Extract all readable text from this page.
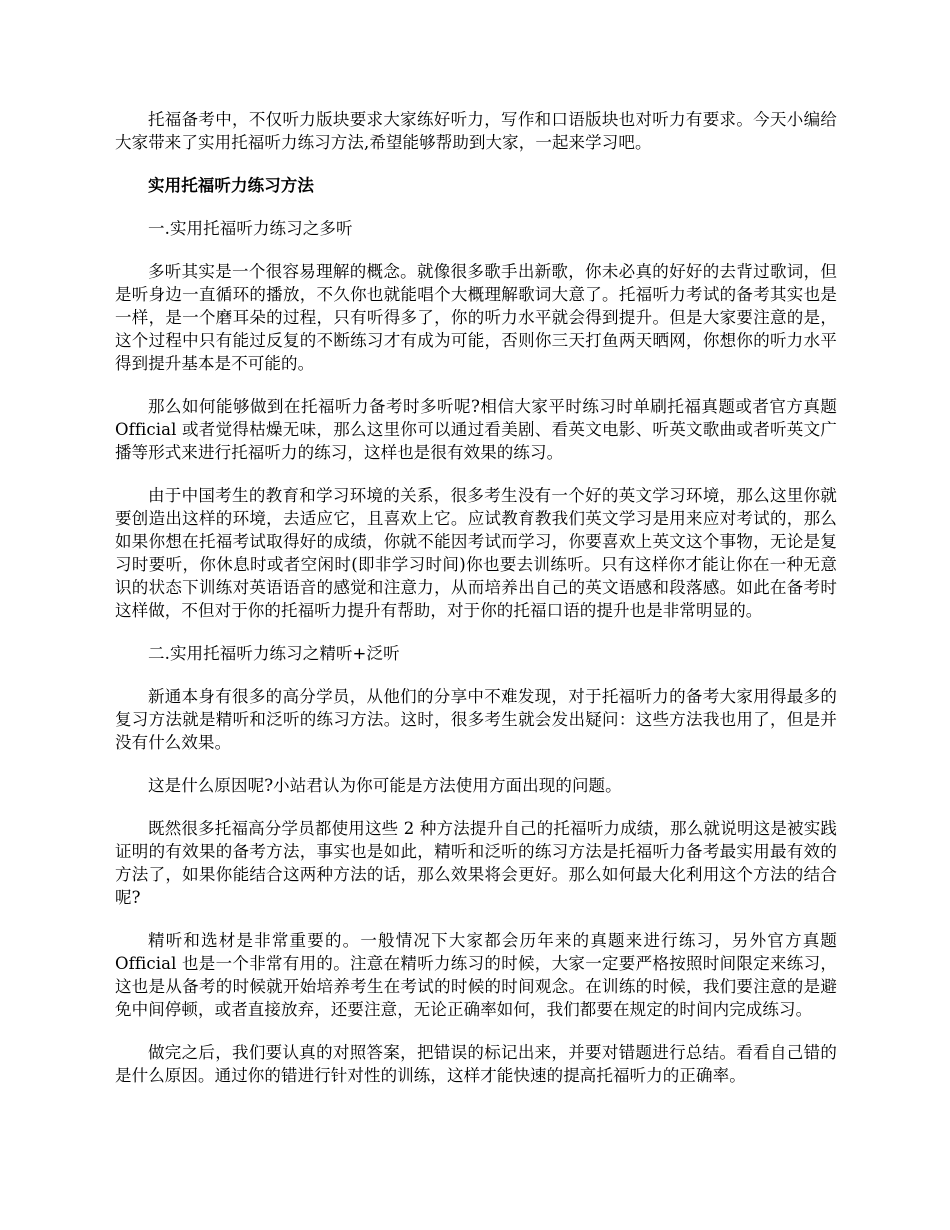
托福备考中，不仅听力版块要求大家练好听力，写作和口语版块也对听力有要求。今天小编给大家带来了实用托福听力练习方法,希望能够帮助到大家，一起来学习吧。

实用托福听力练习方法

一.实用托福听力练习之多听

多听其实是一个很容易理解的概念。就像很多歌手出新歌，你未必真的好好的去背过歌词，但是听身边一直循环的播放，不久你也就能唱个大概理解歌词大意了。托福听力考试的备考其实也是一样，是一个磨耳朵的过程，只有听得多了，你的听力水平就会得到提升。但是大家要注意的是，这个过程中只有能过反复的不断练习才有成为可能，否则你三天打鱼两天晒网，你想你的听力水平得到提升基本是不可能的。

那么如何能够做到在托福听力备考时多听呢?相信大家平时练习时单刷托福真题或者官方真题 Official 或者觉得枯燥无味，那么这里你可以通过看美剧、看英文电影、听英文歌曲或者听英文广播等形式来进行托福听力的练习，这样也是很有效果的练习。

由于中国考生的教育和学习环境的关系，很多考生没有一个好的英文学习环境，那么这里你就要创造出这样的环境，去适应它，且喜欢上它。应试教育教我们英文学习是用来应对考试的，那么如果你想在托福考试取得好的成绩，你就不能因考试而学习，你要喜欢上英文这个事物，无论是复习时要听，你休息时或者空闲时(即非学习时间)你也要去训练听。只有这样你才能让你在一种无意识的状态下训练对英语语音的感觉和注意力，从而培养出自己的英文语感和段落感。如此在备考时这样做，不但对于你的托福听力提升有帮助，对于你的托福口语的提升也是非常明显的。

二.实用托福听力练习之精听+泛听

新通本身有很多的高分学员，从他们的分享中不难发现，对于托福听力的备考大家用得最多的复习方法就是精听和泛听的练习方法。这时，很多考生就会发出疑问：这些方法我也用了，但是并没有什么效果。

这是什么原因呢?小站君认为你可能是方法使用方面出现的问题。

既然很多托福高分学员都使用这些 2 种方法提升自己的托福听力成绩，那么就说明这是被实践证明的有效果的备考方法，事实也是如此，精听和泛听的练习方法是托福听力备考最实用最有效的方法了，如果你能结合这两种方法的话，那么效果将会更好。那么如何最大化利用这个方法的结合呢?

精听和选材是非常重要的。一般情况下大家都会历年来的真题来进行练习，另外官方真题 Official 也是一个非常有用的。注意在精听力练习的时候，大家一定要严格按照时间限定来练习，这也是从备考的时候就开始培养考生在考试的时候的时间观念。在训练的时候，我们要注意的是避免中间停顿，或者直接放弃，还要注意，无论正确率如何，我们都要在规定的时间内完成练习。

做完之后，我们要认真的对照答案，把错误的标记出来，并要对错题进行总结。看看自己错的是什么原因。通过你的错进行针对性的训练，这样才能快速的提高托福听力的正确率。
